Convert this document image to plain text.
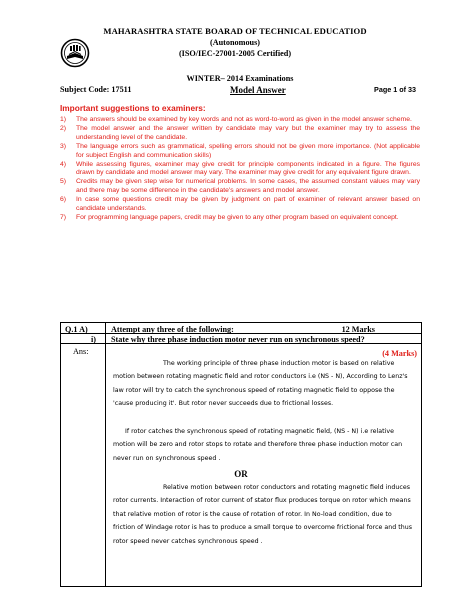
MAHARASHTRA STATE BOARAD OF TECHNICAL EDUCATIOD
(Autonomous)
(ISO/IEC-27001-2005 Certified)
WINTER– 2014 Examinations
Subject Code: 17511	Model Answer	Page 1 of 33
Important suggestions to examiners:
1) The answers should be examined by key words and not as word-to-word as given in the model answer scheme.
2) The model answer and the answer written by candidate may vary but the examiner may try to assess the understanding level of the candidate.
3) The language errors such as grammatical, spelling errors should not be given more importance. (Not applicable for subject English and communication skills)
4) While assessing figures, examiner may give credit for principle components indicated in a figure. The figures drawn by candidate and model answer may vary. The examiner may give credit for any equivalent figure drawn.
5) Credits may be given step wise for numerical problems. In some cases, the assumed constant values may vary and there may be some difference in the candidate's answers and model answer.
6) In case some questions credit may be given by judgment on part of examiner of relevant answer based on candidate understands.
7) For programming language papers, credit may be given to any other program based on equivalent concept.
Q.1 A)	Attempt any three of the following:	12 Marks
i) State why three phase induction motor never run on synchronous speed?
Ans:	(4 Marks)

The working principle of three phase induction motor is based on relative motion between rotating magnetic field and rotor conductors i.e (NS - N), According to Lenz's law rotor will try to catch the synchronous speed of rotating magnetic field to oppose the 'cause producing it'. But rotor never succeeds due to frictional losses.

If rotor catches the synchronous speed of rotating magnetic field, (NS - N) i.e relative motion will be zero and rotor stops to rotate and therefore three phase induction motor can never run on synchronous speed .

OR

Relative motion between rotor conductors and rotating magnetic field induces rotor currents. Interaction of rotor current of stator flux produces torque on rotor which means that relative motion of rotor is the cause of rotation of rotor. In No-load condition, due to friction of Windage rotor is has to produce a small torque to overcome frictional force and thus rotor speed never catches synchronous speed .
